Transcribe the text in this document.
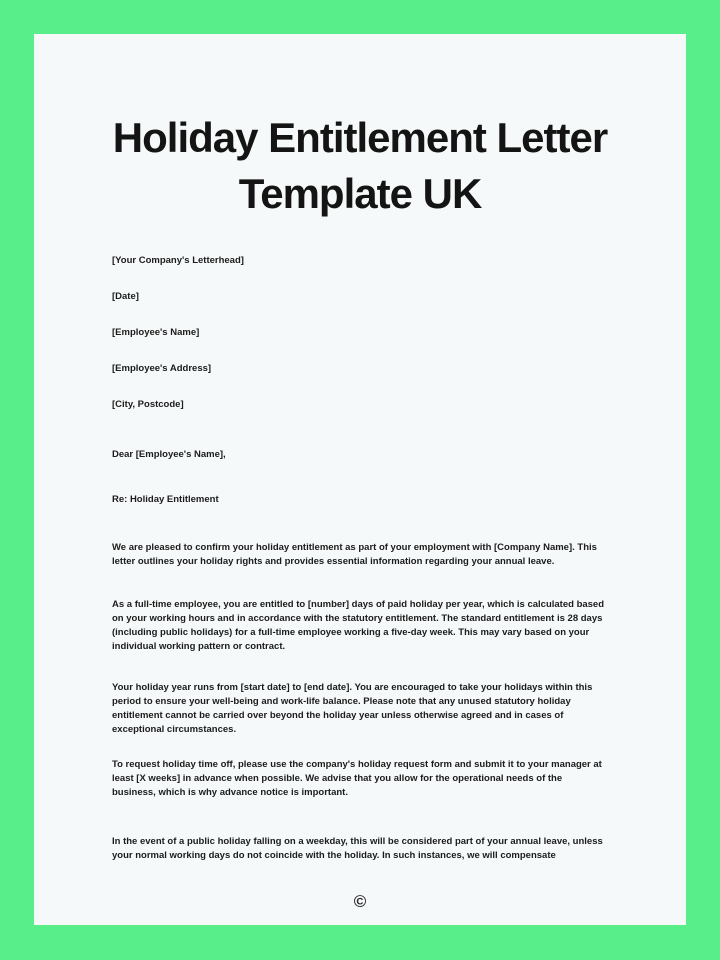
Holiday Entitlement Letter
Template UK

[Your Company's Letterhead]

[Date]

[Employee's Name]

[Employee's Address]

[City, Postcode]

Dear [Employee's Name],

Re: Holiday Entitlement

We are pleased to confirm your holiday entitlement as part of your employment with [Company Name]. This letter outlines your holiday rights and provides essential information regarding your annual leave.

As a full-time employee, you are entitled to [number] days of paid holiday per year, which is calculated based on your working hours and in accordance with the statutory entitlement. The standard entitlement is 28 days (including public holidays) for a full-time employee working a five-day week. This may vary based on your individual working pattern or contract.

Your holiday year runs from [start date] to [end date]. You are encouraged to take your holidays within this period to ensure your well-being and work-life balance. Please note that any unused statutory holiday entitlement cannot be carried over beyond the holiday year unless otherwise agreed and in cases of exceptional circumstances.

To request holiday time off, please use the company's holiday request form and submit it to your manager at least [X weeks] in advance when possible. We advise that you allow for the operational needs of the business, which is why advance notice is important.

In the event of a public holiday falling on a weekday, this will be considered part of your annual leave, unless your normal working days do not coincide with the holiday. In such instances, we will compensate

©
